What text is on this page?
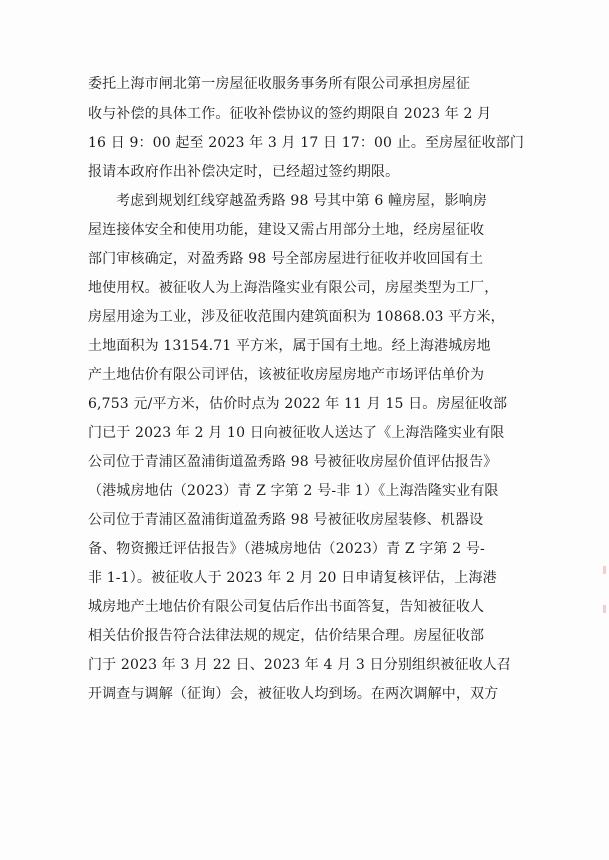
委托上海市闸北第一房屋征收服务事务所有限公司承担房屋征
收与补偿的具体工作。征收补偿协议的签约期限自 2023 年 2 月
16 日 9：00 起至 2023 年 3 月 17 日 17：00 止。至房屋征收部门
报请本政府作出补偿决定时，已经超过签约期限。
考虑到规划红线穿越盈秀路 98 号其中第 6 幢房屋，影响房
屋连接体安全和使用功能，建设又需占用部分土地，经房屋征收
部门审核确定，对盈秀路 98 号全部房屋进行征收并收回国有土
地使用权。被征收人为上海浩隆实业有限公司，房屋类型为工厂，
房屋用途为工业，涉及征收范围内建筑面积为 10868.03 平方米，
土地面积为 13154.71 平方米，属于国有土地。经上海港城房地
产土地估价有限公司评估，该被征收房屋房地产市场评估单价为
6,753 元/平方米，估价时点为 2022 年 11 月 15 日。房屋征收部
门已于 2023 年 2 月 10 日向被征收人送达了《上海浩隆实业有限
公司位于青浦区盈浦街道盈秀路 98 号被征收房屋价值评估报告》
（港城房地估（2023）青 Z 字第 2 号-非 1）《上海浩隆实业有限
公司位于青浦区盈浦街道盈秀路 98 号被征收房屋装修、机器设
备、物资搬迁评估报告》（港城房地估（2023）青 Z 字第 2 号-
非 1-1）。被征收人于 2023 年 2 月 20 日申请复核评估，上海港
城房地产土地估价有限公司复估后作出书面答复，告知被征收人
相关估价报告符合法律法规的规定，估价结果合理。房屋征收部
门于 2023 年 3 月 22 日、2023 年 4 月 3 日分别组织被征收人召
开调查与调解（征询）会，被征收人均到场。在两次调解中，双方
